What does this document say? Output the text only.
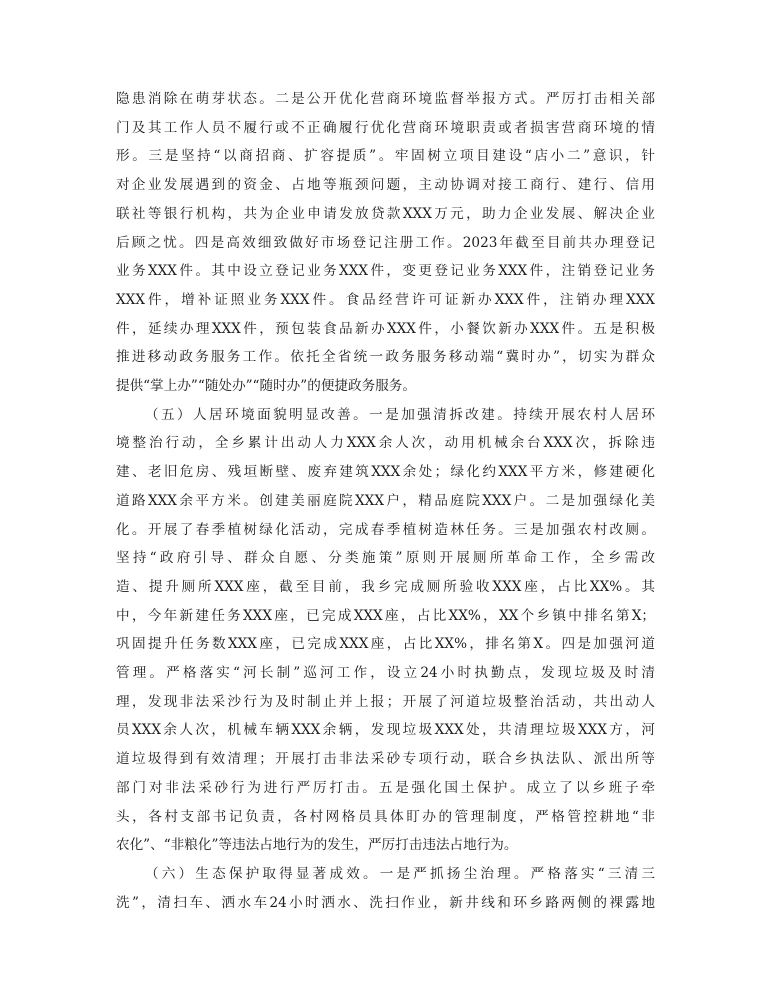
隐患消除在萌芽状态。二是公开优化营商环境监督举报方式。严厉打击相关部
门及其工作人员不履行或不正确履行优化营商环境职责或者损害营商环境的情
形。三是坚持“以商招商、扩容提质”。牢固树立项目建设“店小二”意识，针
对企业发展遇到的资金、占地等瓶颈问题，主动协调对接工商行、建行、信用
联社等银行机构，共为企业申请发放贷款XXX万元，助力企业发展、解决企业
后顾之忧。四是高效细致做好市场登记注册工作。2023年截至目前共办理登记
业务XXX件。其中设立登记业务XXX件，变更登记业务XXX件，注销登记业务
XXX件，增补证照业务XXX件。食品经营许可证新办XXX件，注销办理XXX
件，延续办理XXX件，预包装食品新办XXX件，小餐饮新办XXX件。五是积极
推进移动政务服务工作。依托全省统一政务服务移动端“冀时办”，切实为群众
提供“掌上办”“随处办”“随时办”的便捷政务服务。
（五）人居环境面貌明显改善。一是加强清拆改建。持续开展农村人居环
境整治行动，全乡累计出动人力XXX余人次，动用机械余台XXX次，拆除违
建、老旧危房、残垣断壁、废弃建筑XXX余处；绿化约XXX平方米，修建硬化
道路XXX余平方米。创建美丽庭院XXX户，精品庭院XXX户。二是加强绿化美
化。开展了春季植树绿化活动，完成春季植树造林任务。三是加强农村改厕。
坚持“政府引导、群众自愿、分类施策”原则开展厕所革命工作，全乡需改
造、提升厕所XXX座，截至目前，我乡完成厕所验收XXX座，占比XX%。其
中，今年新建任务XXX座，已完成XXX座，占比XX%，XX个乡镇中排名第X；
巩固提升任务数XXX座，已完成XXX座，占比XX%，排名第X。四是加强河道
管理。严格落实“河长制”巡河工作，设立24小时执勤点，发现垃圾及时清
理，发现非法采沙行为及时制止并上报；开展了河道垃圾整治活动，共出动人
员XXX余人次，机械车辆XXX余辆，发现垃圾XXX处，共清理垃圾XXX方，河
道垃圾得到有效清理；开展打击非法采砂专项行动，联合乡执法队、派出所等
部门对非法采砂行为进行严厉打击。五是强化国土保护。成立了以乡班子牵
头，各村支部书记负责，各村网格员具体盯办的管理制度，严格管控耕地“非
农化”、“非粮化”等违法占地行为的发生，严厉打击违法占地行为。
（六）生态保护取得显著成效。一是严抓扬尘治理。严格落实“三清三
洗”，清扫车、洒水车24小时洒水、洗扫作业，新井线和环乡路两侧的裸露地
